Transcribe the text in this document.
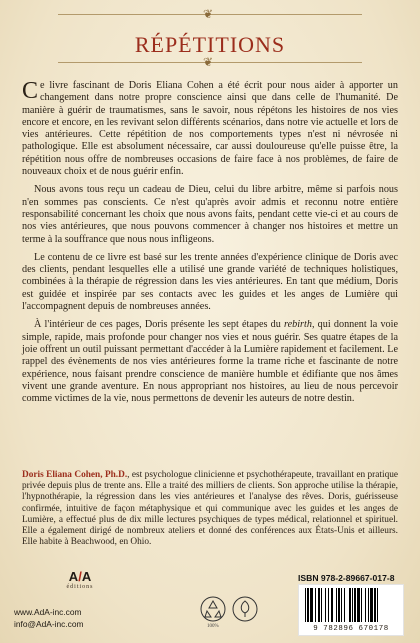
❦
❦
RÉPÉTITIONS

Ce livre fascinant de Doris Eliana Cohen a été écrit pour nous aider à apporter un changement dans notre propre conscience ainsi que dans celle de l'humanité. De manière à guérir de traumatismes, sans le savoir, nous répétons les histoires de nos vies encore et encore, en les revivant selon différents scénarios, dans notre vie actuelle et lors de vies antérieures. Cette répétition de nos comportements types n'est ni névrosée ni pathologique. Elle est absolument nécessaire, car aussi douloureuse qu'elle puisse être, la répétition nous offre de nombreuses occasions de faire face à nos problèmes, de faire de nouveaux choix et de nous guérir enfin.

Nous avons tous reçu un cadeau de Dieu, celui du libre arbitre, même si parfois nous n'en sommes pas conscients. Ce n'est qu'après avoir admis et reconnu notre entière responsabilité concernant les choix que nous avons faits, pendant cette vie-ci et au cours de nos vies antérieures, que nous pouvons commencer à changer nos histoires et mettre un terme à la souffrance que nous nous infligeons.

Le contenu de ce livre est basé sur les trente années d'expérience clinique de Doris avec des clients, pendant lesquelles elle a utilisé une grande variété de techniques holistiques, combinées à la thérapie de régression dans les vies antérieures. En tant que médium, Doris est guidée et inspirée par ses contacts avec les guides et les anges de Lumière qui l'accompagnent depuis de nombreuses années.

À l'intérieur de ces pages, Doris présente les sept étapes du rebirth, qui donnent la voie simple, rapide, mais profonde pour changer nos vies et nous guérir. Ses quatre étapes de la joie offrent un outil puissant permettant d'accéder à la Lumière rapidement et facilement. Le rappel des évènements de nos vies antérieures forme la trame riche et fascinante de notre expérience, nous faisant prendre conscience de manière humble et édifiante que nos âmes vivent une grande aventure. En nous appropriant nos histoires, au lieu de nous percevoir comme victimes de la vie, nous permettons de devenir les auteurs de notre destin.

Doris Eliana Cohen, Ph.D., est psychologue clinicienne et psychothérapeute, travaillant en pratique privée depuis plus de trente ans. Elle a traité des milliers de clients. Son approche utilise la thérapie, l'hypnothérapie, la régression dans les vies antérieures et l'analyse des rêves. Doris, guérisseuse confirmée, intuitive de façon métaphysique et qui communique avec les guides et les anges de Lumière, a effectué plus de dix mille lectures psychiques de types médical, relationnel et spirituel. Elle a également dirigé de nombreux ateliers et donné des conférences aux États-Unis et ailleurs. Elle habite à Beachwood, en Ohio.
A/A
éditions
www.AdA-inc.com
info@AdA-inc.com	100%
ISBN 978-2-89667-017-8
9 782896 670178
